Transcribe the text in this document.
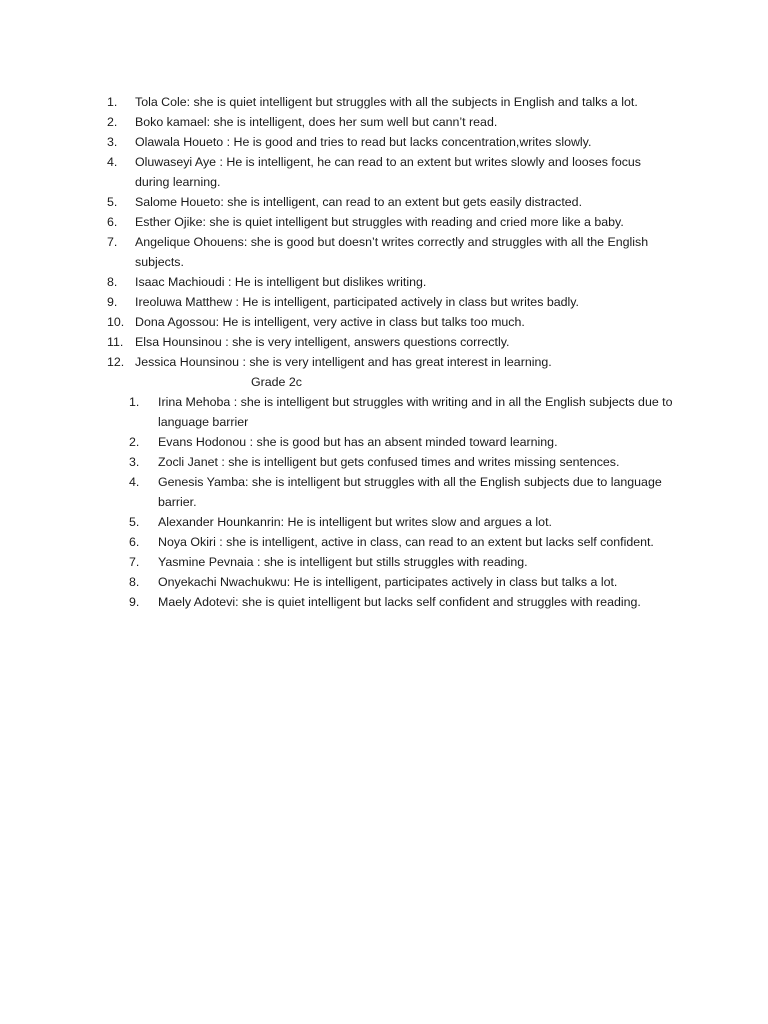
1. Tola Cole: she is quiet intelligent but struggles with all the subjects in English and talks a lot.
2. Boko kamael: she is intelligent, does her sum well but cann’t read.
3. Olawala Houeto : He is good and tries to read but lacks concentration,writes slowly.
4. Oluwaseyi Aye : He is intelligent, he can read to an extent but writes slowly and looses focus during learning.
5. Salome Houeto: she is intelligent, can read to an extent but gets easily distracted.
6. Esther Ojike: she is quiet intelligent but struggles with reading and cried more like a baby.
7. Angelique Ohouens: she is good but doesn’t writes correctly and struggles with all the English subjects.
8. Isaac Machioudi : He is intelligent but dislikes writing.
9. Ireoluwa Matthew : He is intelligent, participated actively in class but writes badly.
10. Dona Agossou: He is intelligent, very active in class but talks too much.
11. Elsa Hounsinou : she is very intelligent, answers questions correctly.
12. Jessica Hounsinou : she is very intelligent and has great interest in learning.
Grade 2c
1. Irina Mehoba : she is intelligent but struggles with writing and in all the English subjects due to language barrier
2. Evans Hodonou : she is good but has an absent minded toward learning.
3. Zocli Janet : she is intelligent but gets confused times and writes missing sentences.
4. Genesis Yamba: she is intelligent but struggles with all the English subjects due to language barrier.
5. Alexander Hounkanrin: He is intelligent but writes slow and argues a lot.
6. Noya Okiri : she is intelligent, active in class, can read to an extent but lacks self confident.
7. Yasmine Pevnaia : she is intelligent but stills struggles with reading.
8. Onyekachi Nwachukwu: He is intelligent, participates actively in class but talks a lot.
9. Maely Adotevi: she is quiet intelligent but lacks self confident and struggles with reading.
